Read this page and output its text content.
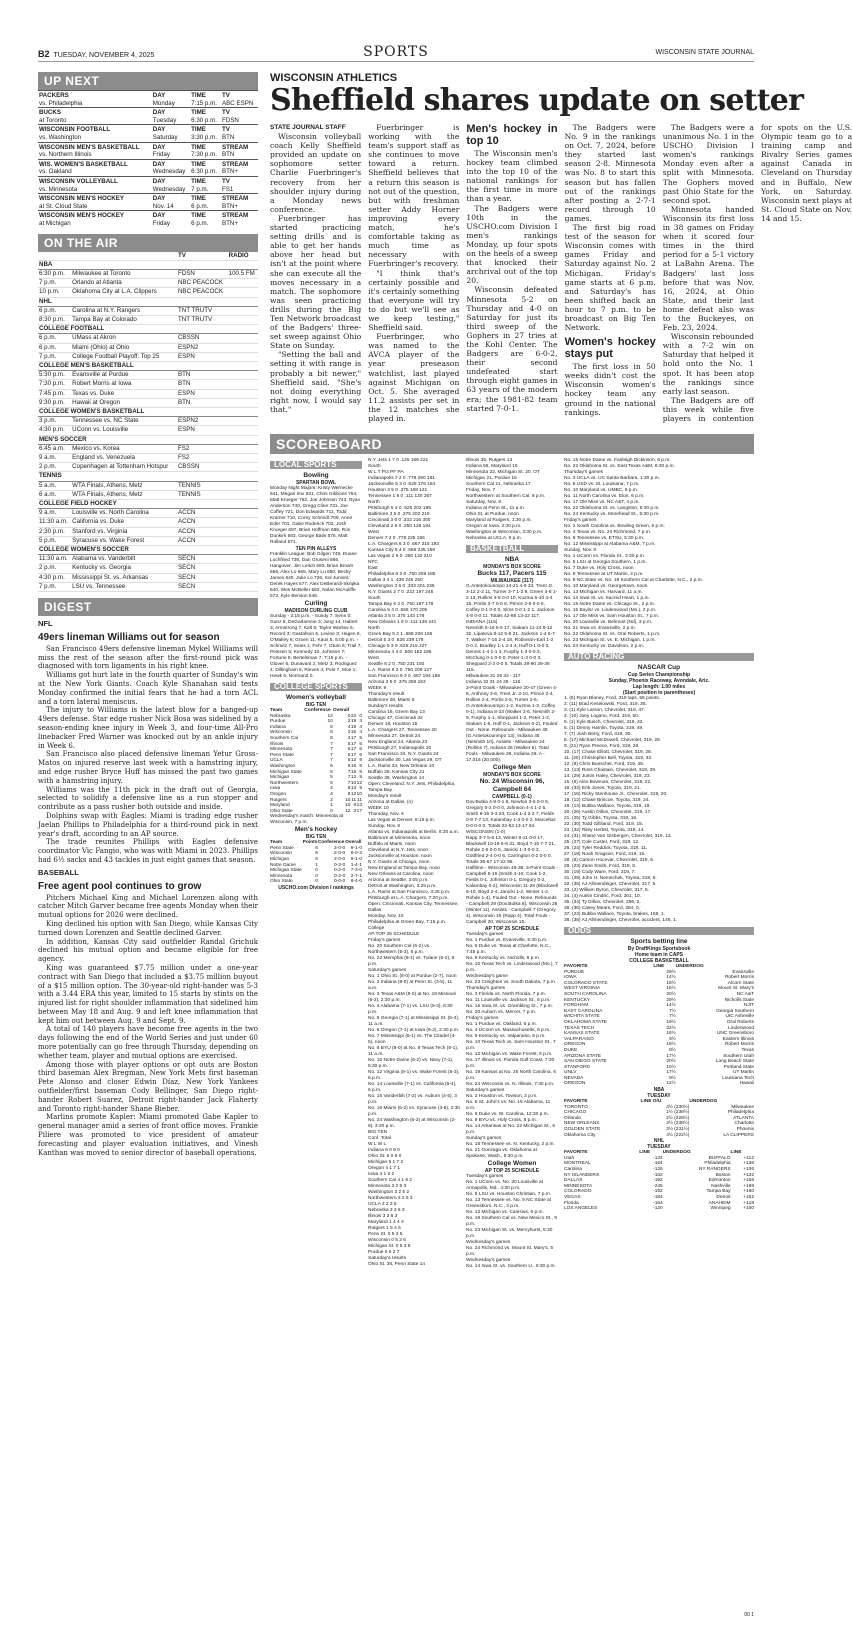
B2 TUESDAY, NOVEMBER 4, 2025	SPORTS	WISCONSIN STATE JOURNAL
UP NEXT
PACKERS	DAY	TIME	TV
vs. Philadelphia	Monday	7:15 p.m.	ABC ESPN
BUCKS	DAY	TIME	TV
at Toronto	Tuesday	6:30 p.m.	FDSN
WISCONSIN FOOTBALL	DAY	TIME	TV
vs. Washington	Saturday	3:30 p.m.	BTN
WISCONSIN MEN'S BASKETBALL	DAY	TIME	STREAM
vs. Northern Illinois	Friday	7:30 p.m.	BTN
WIS. WOMEN'S BASKETBALL	DAY	TIME	STREAM
vs. Oakland	Wednesday	6:30 p.m.	BTN+
WISCONSIN VOLLEYBALL	DAY	TIME	TV
vs. Minnesota	Wednesday	7 p.m.	FS1
WISCONSIN MEN'S HOCKEY	DAY	TIME	STREAM
at St. Cloud State	Nov. 14	6 p.m.	BTN+
WISCONSIN MEN'S HOCKEY	DAY	TIME	STREAM
at Michigan	Friday	6 p.m.	BTN+
ON THE AIR
		TV	RADIO
NBA			
6:30 p.m.	Milwaukee at Toronto	FDSN	100.5 FM
7 p.m.	Orlando at Atlanta	NBC PEACOCK	
10 p.m.	Oklahoma City at L.A. Clippers	NBC PEACOCK	
NHL			
6 p.m.	Carolina at N.Y. Rangers	TNT TRUTV	
8:30 p.m.	Tampa Bay at Colorado	TNT TRUTV	
COLLEGE FOOTBALL			
6 p.m.	UMass at Akron	CBSSN	
6 p.m.	Miami (Ohio) at Ohio	ESPN2	
7 p.m.	College Football Playoff: Top 25	ESPN	
COLLEGE MEN'S BASKETBALL			
5:30 p.m.	Evansville at Purdue	BTN	
7:30 p.m.	Robert Morris at Iowa	BTN	
7:45 p.m.	Texas vs. Duke	ESPN	
9:30 p.m.	Hawaii at Oregon	BTN	
COLLEGE WOMEN'S BASKETBALL			
3 p.m.	Tennessee vs. NC State	ESPN2	
4:30 p.m.	UConn vs. Louisville	ESPN	
MEN'S SOCCER			
6:45 a.m.	Mexico vs. Korea	FS2	
9 a.m.	England vs. Venezuela	FS2	
2 p.m.	Copenhagen at Tottenham Hotspur	CBSSN	
TENNIS			
5 a.m.	WTA Finals, Athens, Metz	TENNIS	
6 a.m.	WTA Finals, Athens, Metz	TENNIS	
COLLEGE FIELD HOCKEY			
9 a.m.	Louisville vs. North Carolina	ACCN	
11:30 a.m.	California vs. Duke	ACCN	
2:30 p.m.	Stanford vs. Virginia	ACCN	
5 p.m.	Syracuse vs. Wake Forest	ACCN	
COLLEGE WOMEN'S SOCCER			
11:30 a.m.	Alabama vs. Vanderbilt	SECN	
2 p.m.	Kentucky vs. Georgia	SECN	
4:30 p.m.	Mississippi St. vs. Arkansas	SECN	
7 p.m.	LSU vs. Tennessee	SECN	
DIGEST
NFL
49ers lineman Williams out for season

San Francisco 49ers defensive lineman Mykel Williams will miss the rest of the season after the first-round pick was diagnosed with torn ligaments in his right knee.

Williams got hurt late in the fourth quarter of Sunday's win at the New York Giants. Coach Kyle Shanahan said tests Monday confirmed the initial fears that he had a torn ACL and a torn lateral meniscus.

The injury to Williams is the latest blow for a banged-up 49ers defense. Star edge rusher Nick Bosa was sidelined by a season-ending knee injury in Week 3, and four-time All-Pro linebacker Fred Warner was knocked out by an ankle injury in Week 6.

San Francisco also placed defensive lineman Yetur Gross-Matos on injured reserve last week with a hamstring injury, and edge rusher Bryce Huff has missed the past two games with a hamstring injury.

Williams was the 11th pick in the draft out of Georgia, selected to solidify a defensive line as a run stopper and contribute as a pass rusher both outside and inside.

Dolphins swap with Eagles: Miami is trading edge rusher Jaelan Phillips to Philadelphia for a third-round pick in next year's draft, according to an AP source.

The trade reunites Phillips with Eagles defensive coordinator Vic Fangio, who was with Miami in 2023. Phillips had 6½ sacks and 43 tackles in just eight games that season.

BASEBALL
Free agent pool continues to grow

Pitchers Michael King and Michael Lorenzen along with catcher Mitch Garver became free agents Monday when their mutual options for 2026 were declined.

King declined his option with San Diego, while Kansas City turned down Lorenzen and Seattle declined Garver.

In addition, Kansas City said outfielder Randal Grichuk declined his mutual option and became eligible for free agency.

King was guaranteed $7.75 million under a one-year contract with San Diego that included a $3.75 million buyout of a $15 million option. The 30-year-old right-hander was 5-3 with a 3.44 ERA this year, limited to 15 starts by stints on the injured list for right shoulder inflammation that sidelined him between May 18 and Aug. 9 and left knee inflammation that kept him out between Aug. 9 and Sept. 9.

A total of 140 players have become free agents in the two days following the end of the World Series and just under 60 more potentially can go free through Thursday, depending on whether team, player and mutual options are exercised.

Among those with player options or opt outs are Boston third baseman Alex Bregman, New York Mets first baseman Pete Alonso and closer Edwin Díaz, New York Yankees outfielder/first baseman Cody Bellinger, San Diego right-hander Robert Suarez, Detroit right-hander Jack Flaherty and Toronto right-hander Shane Bieber.

Marlins promote Kapler: Miami promoted Gabe Kapler to general manager amid a series of front office moves. Frankie Piliere was promoted to vice president of amateur forecasting and player evaluation initiatives, and Vinesh Kanthan was moved to senior director of baseball operations.

WISCONSIN ATHLETICS
Sheffield shares update on setter
STATE JOURNAL STAFF

Wisconsin volleyball coach Kelly Sheffield provided an update on sophomore setter Charlie Fuerbringer's recovery from her shoulder injury during a Monday news conference.

Fuerbringer has started practicing setting drills and is able to get her hands above her head but isn't at the point where she can execute all the moves necessary in a match. The sophomore was seen practicing drills during the Big Ten Network broadcast of the Badgers' three-set sweep against Ohio State on Sunday.

"Setting the ball and setting it with range is probably a bit newer," Sheffield said. "She's not doing everything right now, I would say that."

Fuerbringer is working with the team's support staff as she continues to move toward a return. Sheffield believes that a return this season is not out of the question, but with freshman setter Addy Horner improving every match, he's comfortable taking as much time as necessary with Fuerbringer's recovery.

"I think that's certainly possible and it's certainly something that everyone will try to do but we'll see as we keep testing," Sheffield said.

Fuerbringer, who was named to the AVCA player of the year preseason watchlist, last played against Michigan on Oct. 5. She averaged 11.2 assists per set in the 12 matches she played in.

Men's hockey in top 10

The Wisconsin men's hockey team climbed into the top 10 of the national rankings for the first time in more than a year.

The Badgers were 10th in the USCHO.com Division I men's rankings Monday, up four spots on the heels of a sweep that knocked their archrival out of the top 20.

Wisconsin defeated Minnesota 5-2 on Thursday and 4-0 on Saturday for just its third sweep of the Gophers in 27 tries at the Kohl Center. The Badgers are 6-0-2, their second undefeated start through eight games in 63 years of the modern era; the 1981-82 team started 7-0-1.

The Badgers were No. 9 in the rankings on Oct. 7, 2024, before they started last season 2-8. Minnesota was No. 8 to start this season but has fallen out of the rankings after posting a 2-7-1 record through 10 games.

The first big road test of the season for Wisconsin comes with games Friday and Saturday against No. 2 Michigan. Friday's game starts at 6 p.m. and Saturday's has been shifted back an hour to 7 p.m. to be broadcast on Big Ten Network.

Women's hockey stays put

The first loss in 50 weeks didn't cost the Wisconsin women's hockey team any ground in the national rankings.

The Badgers were a unanimous No. 1 in the USCHO Division I women's rankings Monday even after a split with Minnesota. The Gophers moved past Ohio State for the second spot.

Minnesota handed Wisconsin its first loss in 38 games on Friday when it scored four times in the third period for a 5-1 victory at LaBahn Arena. The Badgers' last loss before that was Nov. 16, 2024, at Ohio State, and their last home defeat also was to the Buckeyes, on Feb. 23, 2024.

Wisconsin rebounded with a 7-2 win on Saturday that helped it hold onto the No. 1 spot. It has been atop the rankings since early last season.

The Badgers are off this week while five players in contention for spots on the U.S. Olympic team go to a training camp and Rivalry Series games against Canada in Cleveland on Thursday and in Buffalo, New York, on Saturday. Wisconsin next plays at St. Cloud State on Nov. 14 and 15.

SCOREBOARD
LOCAL SPORTS
Bowling
SPARTAN BOWL
Monday Night Majors: Kristy Wernecke 641, Megan Imx 631, Chris Gibbons 764, Matt Krueger 762, Joe Johnson 743, Ryan Anderson 740, Gregg Cline 731, Joe Coffey 721, Don Edwards 711, Todd Kramer 710, Corey Schmidt 709, Anne Eder 701, Gabe Roderick 703, Josh Krueger 697, Brian Hoffman 688, Ron Dunkirk 683, George Batis 675, Matt Rolland 671.
TEN PIN ALLEYS
Franklin League: Bob Gilgen 749, Duane Lochfried 738, Dan Gruseni 666. Hangover: Jim Leitch 693, Brian Brown 656, Alex Lo 655, Mary Lu 650, Becky James 640, Julie Lo 736, Sol Juniors: Derek Hayes 677, Alex DeBerardi-Skripka 640, Wes McBeller 582, Nolan McAuliffe 573, Kyle Benson 546.
Curling
MADISON CURLING CLUB
Sunday - 2:15 p.m. - Sundy 7, Senn 0; Gunz 8, DeGarlamme 3; Jung 14, Habert 3; Armstrong 7, Kalt 6; Taylor Warlow 6, Record 3; Gastafson 6, Levine 3; Hagen 8, O'Malley 6; Groen 11, Kaus 5. 5:00 p.m. - Schmitz 7, Seies 1; Fehr 7, Otum 6; Trail 7, Peissen 5; Kennedy 10, Johnson 7; Fortune 8, Bertelsman 7. 7:15 p.m. - Glover 5, Dunavant 2; Metz 3, Rodriguez 4; Dillingham 6, Rieves 4; Post 7, Moe 1; Hewk 6, Normand 0.
COLLEGE SPORTS
Women's volleyball
BIG TEN
Team	Conference	Overall		
Nebraska	12	0	22	0
Purdue	10	2	19	3
Indiana	8	4	18	4
Wisconsin	8	3	16	4
Southern Cal	8	4	17	5
Illinois	7	5	17	6
Minnesota	7	5	17	6
Penn State	7	5	17	6
UCLA	7	5	13	9
Washington	6	6	16	6
Michigan State	5	7	15	8
Michigan	5	7	12	9
Northwestern	5	7	10	12
Iowa	4	8	13	9
Oregon	4	8	12	10
Rutgers	2	10	11	11
Maryland	1	10	8	13
Ohio State	0	12	3	17
Wednesday's match: Minnesota at Wisconsin, 7 p.m.
Men's hockey
BIG TEN
Team	Points	Conference	Overall
Penn State	6	2-0-0	9-1-0
Wisconsin	6	2-0-0	6-0-2
Michigan	6	2-0-0	9-1-0
Notre Dame	1	0-2-0	1-4-1
Michigan State	0	0-2-0	7-3-0
Minnesota	0	0-2-0	2-7-1
Ohio State	0	0-0-0	6-4-0
USCHO.com Division I rankings
N.Y. Jets 1 7 0 .125 168 221
South
W L T Pct PF PA
Indianapolis 7 2 0 .778 290 181
Jacksonville 5 3 0 .625 176 184
Houston 3 5 0 .375 168 121
Tennessee 1 8 0 .111 130 257
North
Pittsburgh 5 3 0 .625 202 195
Baltimore 3 5 0 .375 202 219
Cincinnati 3 6 0 .333 216 300
Cleveland 2 6 0 .250 126 184
West
Denver 7 2 0 .778 225 166
L.A. Chargers 6 3 0 .667 215 193
Kansas City 5 4 0 .556 235 159
Las Vegas 2 6 0 .250 132 210
NFC
East
Philadelphia 6 2 0 .750 208 185
Dallas 3 4 1 .438 246 250
Washington 3 6 0 .333 201 236
N.Y. Giants 2 7 0 .222 197 245
South
Tampa Bay 6 2 0 .750 197 178
Carolina 5 4 0 .556 170 205
Atlanta 3 5 0 .375 143 178
New Orleans 1 8 0 .111 138 241
North
Green Bay 5 2 1 .688 206 166
Detroit 5 3 0 .625 239 178
Chicago 5 3 0 .625 215 227
Minnesota 4 4 0 .500 182 186
West
Seattle 6 2 0 .750 231 150
L.A. Rams 6 2 0 .750 209 127
San Francisco 6 3 0 .667 194 188
Arizona 3 5 0 .375 286 153
WEEK 9
Thursday's result
Baltimore 28, Miami 6
Sunday's results
Carolina 16, Green Bay 13
Chicago 47, Cincinnati 42
Denver 18, Houston 15
L.A. Chargers 27, Tennessee 20
Minnesota 27, Detroit 24
New England 24, Atlanta 23
Pittsburgh 27, Indianapolis 20
San Francisco 34, N.Y. Giants 24
Jacksonville 30, Las Vegas 29, OT
L.A. Rams 34, New Orleans 10
Buffalo 28, Kansas City 21
Seattle 38, Washington 14
Open: Cleveland, N.Y. Jets, Philadelphia, Tampa Bay
Monday's result
Arizona at Dallas, (n)
WEEK 10
Thursday, Nov. 6
Las Vegas at Denver, 8:15 p.m.
Sunday, Nov. 9
Atlanta vs. Indianapolis at Berlin, 8:30 a.m.
Baltimore at Minnesota, noon
Buffalo at Miami, noon
Cleveland at N.Y. Jets, noon
Jacksonville at Houston, noon
N.Y. Giants at Chicago, noon
New England at Tampa Bay, noon
New Orleans at Carolina, noon
Arizona at Seattle, 3:05 p.m.
Detroit at Washington, 3:25 p.m.
L.A. Rams at San Francisco, 3:25 p.m.
Pittsburgh at L.A. Chargers, 7:20 p.m.
Open: Cincinnati, Kansas City, Tennessee, Dallas
Monday, Nov. 10
Philadelphia at Green Bay, 7:15 p.m.
College
AP TOP 25 SCHEDULE
Friday's games
No. 20 Southern Cal (6-2) vs. Northwestern (5-3), 8 p.m.
No. 22 Memphis (8-1) vs. Tulane (6-2), 8 p.m.
Saturday's games
No. 1 Ohio St. (8-0) at Purdue (2-7), noon
No. 2 Indiana (9-0) at Penn St. (3-5), 11 a.m.
No. 3 Texas A&M (8-0) at No. 19 Missouri (6-2), 2:30 p.m.
No. 4 Alabama (7-1) vs. LSU (5-3), 6:30 p.m.
No. 5 Georgia (7-1) at Mississippi St. (5-4), 11 a.m.
No. 6 Oregon (7-1) at Iowa (6-2), 2:30 p.m.
No. 7 Mississippi (8-1) vs. The Citadel (4-5), noon
No. 8 BYU (8-0) at No. 9 Texas Tech (8-1), 11 a.m.
No. 10 Notre Dame (6-2) vs. Navy (7-1), 6:30 p.m.
No. 12 Virginia (8-1) vs. Wake Forest (5-3), 6 p.m.
No. 14 Louisville (7-1) vs. California (5-4), 6 p.m.
No. 15 Vanderbilt (7-2) vs. Auburn (4-5), 3 p.m.
No. 18 Miami (6-2) vs. Syracuse (3-6), 2:30 p.m.
No. 24 Washington (6-2) at Wisconsin (2-6), 3:30 p.m.
BIG TEN
Conf. Total
W L W L
Indiana 6 0 9 0
Ohio St. 5 0 8 0
Michigan 5 1 7 2
Oregon 4 1 7 1
Iowa 4 1 6 2
Southern Cal 4 1 6 2
Minnesota 3 2 5 3
Washington 3 2 6 2
Northwestern 3 2 5 3
UCLA 3 2 3 5
Nebraska 3 3 6 3
Illinois 3 3 6 3
Maryland 1 4 4 4
Rutgers 1 5 4 5
Penn St. 0 5 3 5
Wisconsin 0 5 2 6
Michigan St. 0 5 3 5
Purdue 0 6 2 7
Saturday's results
Ohio St. 38, Penn State 14
Illinois 35, Rutgers 13
Indiana 55, Maryland 10
Minnesota 23, Michigan St. 20, OT
Michigan 21, Purdue 16
Southern Cal 21, Nebraska 17
Friday, Nov. 7
Northwestern at Southern Cal, 8 p.m.
Saturday, Nov. 8
Indiana at Penn St., 11 a.m.
Ohio St. at Purdue, noon
Maryland at Rutgers, 1:30 p.m.
Oregon at Iowa, 2:30 p.m.
Washington at Wisconsin, 3:30 p.m.
Nebraska at UCLA, 6 p.m.
BASKETBALL
NBA
MONDAY'S BOX SCORE
Bucks 117, Pacers 115
MILWAUKEE (117)
G.Antetokounmpo 14-21 4-9 33, Trent Jr. 3-12 2-2 11, Turner 3-7 1-2 9, Green 4-8 1-2 13, Rollins 4-8 0-0 10, Kuzma 5-10 4-4 15, Portis 3-7 0-0 8, Prince 2-6 0-0 6, Coffey 0-1 0-0 0, Sims 0-0 1-2 1, Jackson 4-8 0-0 11. Totals 42-88 13-22 117.
INDIANA (115)
Nesmith 5-16 5-5 17, Siakam 11-24 9-12 32, Lipatova 8-12 5-6 21, Jackson 1-4 5-7 7, Walker 7-15 2-4 18, Robinson-Earl 1-2 0-0 2, Bradley 1-1 2-4 4, Huff 0-1 0-0 0, Dennis 1-4 1-1 3, Furphy 1-3 0-0 3, McClung 0-1 0-0 0, Peter 1-3 0-0 3, Sheppard 2-3 0-0 5. Totals 39-90 29-38 115.
Milwaukee 31 28 33 - 117
Indiana 32 31 24 28 - 115
3-Point Goals - Milwaukee 20-47 (Green 4-8, Anthony 3-6, Trent Jr. 3-10, Prince 2-4, Rollins 2-4, Portis 2-5, Turner 2-6, G.Antetokounmpo 1-2, Kuzma 1-3, Coffey 0-1), Indiana 8-33 (Walker 2-6, Nesmith 2-9, Furphy 1-1, Sheppard 1-2, Peter 1-3, Siakam 1-6, Huff 0-1, Jackson 0-2). Fouled Out - None. Rebounds - Milwaukee 45 (G.Antetokounmpo 13), Indiana 45 (Nesmith 10). Assists - Milwaukee 24 (Rollins 7), Indiana 26 (Walker 6). Total Fouls - Milwaukee 26, Indiana 26. A - 17,016 (20,000).
College Men
MONDAY'S BOX SCORE
No. 24 Wisconsin 96, Campbell 64
CAMPBELL (0-1)
Dov.Butka 4-8 0-1 8, Newton 3-6 0-0 6, Gregory 0-2 0-0 0, Johnson 4-4 1-2 5, Smith 8-15 3-3 23, Cook 1-4 2-2 7, Fields 0-9 7-7 13, Kalambay 1-3 0-0 2, Marcellus 0-0 0-0 0. Totals 23-53 13-17 64.
WISCONSIN (1-0)
Rapp 3-7 5-6 13, Winter 8-11 0-0 17, Blackwell 10-19 5-6 31, Boyd 7-15 7-7 21, Rohde 2-5 0-0 5, Janicki 1-3 0-0 3, Gottfried 2-4 0-0 6, Carrington 0-2 0-0 0. Totals 35-67 17-22 96.
Halftime - Wisconsin 48-38. 3-Point Goals - Campbell 5-19 (Smith 4-10, Cook 1-2, Fields 0-1, Johnson 0-1, Gregory 0-2, Kalambay 0-2), Wisconsin 11-28 (Blackwell 6-10, Boyd 2-4, Janicki 1-2, Winter 1-2, Rohde 1-4). Fouled Out - None. Rebounds - Campbell 29 (Dov.Butka 8), Wisconsin 28 (Winter 11). Assists - Campbell 7 (Gregory 4), Wisconsin 19 (Rapp 4). Total Fouls - Campbell 20, Wisconsin 15.
AP TOP 25 SCHEDULE
Tuesday's games
No. 1 Purdue vs. Evansville, 5:30 p.m.
No. 6 Duke vs. Texas at Charlotte, N.C., 7:45 p.m.
No. 9 Kentucky vs. Nicholls, 6 p.m.
No. 10 Texas Tech vs. Lindenwood (Mo.), 7 p.m.
Wednesday's game
No. 23 Creighton vs. South Dakota, 7 p.m.
Thursday's games
No. 3 Florida vs. North Florida, 7 p.m.
No. 11 Louisville vs. Jackson St., 6 p.m.
No. 16 Iowa St. vs. Grambling St., 7 p.m.
No. 20 Auburn vs. Mercer, 7 p.m.
Friday's games
No. 1 Purdue vs. Oakland, 6 p.m.
No. 4 UConn vs. Massachusetts, 6 p.m.
No. 9 Kentucky vs. Valparaiso, 6 p.m.
No. 10 Texas Tech vs. Sam Houston St., 7 p.m.
No. 12 Michigan vs. Wake Forest, 5 p.m.
No. 17 Illinois vs. Florida Gulf Coast, 7:30 p.m.
No. 19 Kansas at No. 25 North Carolina, 6 p.m.
No. 24 Wisconsin vs. N. Illinois, 7:30 p.m.
Saturday's games
No. 2 Houston vs. Towson, 2 p.m.
No. 5 St. John's vs. No. 15 Alabama, 11 a.m.
No. 6 Duke vs. W. Carolina, 12:30 p.m.
No. 8 BYU vs. Holy Cross, 8 p.m.
No. 14 Arkansas at No. 22 Michigan St., 6 p.m.
Sunday's games
No. 18 Tennessee vs. N. Kentucky, 2 p.m.
No. 21 Gonzaga vs. Oklahoma at Spokane, Wash., 9:30 p.m.
College Women
AP TOP 25 SCHEDULE
Tuesday's games
No. 1 UConn vs. No. 20 Louisville at Annapolis, Md., 4:30 p.m.
No. 5 LSU vs. Houston Christian, 7 p.m.
No. 13 Tennessee vs. No. 9 NC State at Greensboro, N.C., 3 p.m.
No. 13 Michigan vs. Canisius, 6 p.m.
No. 18 Southern Cal vs. New Mexico St., 9 p.m.
No. 23 Michigan St. vs. Mercyhurst, 5:30 p.m.
Wednesday's games
No. 24 Richmond vs. Mount St. Mary's, 5 p.m.
Wednesday's games
No. 14 Iowa St. vs. Southern U., 6:30 p.m.
No. 15 Notre Dame vs. Fairleigh Dickinson, 6 p.m.
No. 22 Oklahoma St. vs. East Texas A&M, 6:30 p.m.
Thursday's games
No. 3 UCLA vs. UC Santa Barbara, 1:30 p.m.
No. 6 USD vs. St. Louisiana, 7 p.m.
No. 10 Maryland vs. UMBC, 5 p.m.
No. 11 North Carolina vs. Elon, 6 p.m.
No. 17 Ole Miss vs. NC A&T, 4 p.m.
No. 22 Oklahoma St. vs. Langston, 6:30 p.m.
No. 24 Kentucky vs. Morehead St., 5:30 p.m.
Friday's games
No. 2 South Carolina vs. Bowling Green, 6 p.m.
No. 4 Texas vs. No. 24 Richmond, 7 p.m.
No. 8 Tennessee vs. ETSU, 5:30 p.m.
No. 12 Mississippi at Alabama A&M, 7 p.m.
Sunday, Nov. 9
No. 1 UConn vs. Florida St., 3:30 p.m.
No. 5 LSU at Georgia Southern, 1 p.m.
No. 7 Duke vs. Holy Cross, noon
No. 8 Tennessee at UT Martin, 2 p.m.
No. 9 NC State vs. No. 18 Southern Cal at Charlotte, N.C., 2 p.m.
No. 10 Maryland vs. Georgetown, noon
No. 13 Michigan vs. Harvard, 11 a.m.
No. 14 Iowa St. vs. Sacred Heart, 1 p.m.
No. 15 Notre Dame vs. Chicago St., 2 p.m.
No. 16 Baylor vs. Lindenwood (Mo.), 2 p.m.
No. 17 Ole Miss vs. Sam Houston St., 7 p.m.
No. 20 Louisville vs. Belmont (Nd), 3 p.m.
No. 21 Iowa vs. Evansville, 2 p.m.
No. 22 Oklahoma St. vs. Oral Roberts, 1 p.m.
No. 23 Michigan St. vs. E. Michigan, 1 p.m.
No. 24 Kentucky vs. Davidson, 2 p.m.
AUTO RACING
NASCAR Cup
Cup Series Championship
Sunday, Phoenix Raceway, Avondale, Ariz.
Lap length: 1.00 miles
(Start position in parentheses)
1. (5) Ryan Blaney, Ford, 319 laps, 58 points.
2. (11) Brad Keselowski, Ford, 319, 35.
3. (1) Kyle Larson, Chevrolet, 319, 47.
4. (10) Joey Logano, Ford, 319, 50.
5. (1) Kyle Busch, Chevrolet, 319, 32.
6. (1) Denny Hamlin, Toyota, 319, 49.
7. (7) Josh Berry, Ford, 319, 30.
8. (17) Michael McDowell, Chevrolet, 319, 29.
9. (21) Ryan Preece, Ford, 319, 28.
10. (17) Chase Elliott, Chevrolet, 319, 28.
11. (20) Christopher Bell, Toyota, 319, 32.
12. (9) Chris Buescher, Ford, 319, 25.
13. (13) Ross Chastain, Chevrolet, 319, 29.
14. (29) Justin Haley, Chevrolet, 319, 23.
15. (6) Alex Bowman, Chevrolet, 319, 22.
16. (33) Erik Jones, Toyota, 319, 21.
17. (16) Ricky Stenhouse Jr., Chevrolet, 319, 20.
18. (12) Chase Briscoe, Toyota, 319, 24.
19. (14) Bubba Wallace, Toyota, 319, 18.
20. (26) Austin Dillon, Chevrolet, 319, 17.
21. (25) Ty Gibbs, Toyota, 319, 16.
22. (30) Todd Gilliland, Ford, 319, 15.
23. (32) Riley Herbst, Toyota, 319, 14.
24. (31) Shane Van Gisbergen, Chevrolet, 319, 13.
25. (27) Cole Custer, Ford, 319, 12.
26. (24) Tyler Reddick, Toyota, 319, 11.
27. (18) Noah Gragson, Ford, 319, 10.
28. (8) Carson Hocevar, Chevrolet, 319, 9.
29. (23) Zane Smith, Ford, 319, 8.
30. (19) Cody Ware, Ford, 319, 7.
31. (28) John H. Nemechek, Toyota, 319, 6.
32. (35) AJ Allmendinger, Chevrolet, 317, 5.
33. (2) William Byron, Chevrolet, 317, 5.
34. (4) Austin Cindric, Ford, 301, 10.
35. (34) Ty Dillon, Chevrolet, 296, 2.
36. (36) Casey Mears, Ford, 284, 0.
37. (23) Bubba Wallace, Toyota, brakes, 165, 1.
38. (38) AJ Allmendinger, Chevrolet, accident, 146, 1.
ODDS
Sports betting line
By DraftKings Sportsbook
Home team in CAPS
COLLEGE BASKETBALL
FAVORITE	LINE	UNDERDOG
PURDUE	29½	Evansville
IOWA	14½	Robert Morris
COLORADO STATE	18½	Alcorn State
WEST VIRGINIA	16½	Mount St. Mary's
SOUTH CAROLINA	20½	NC A&T
KENTUCKY	29½	Nicholls State
FORDHAM	14½	NJIT
EAST CAROLINA	7½	Georgia Southern
WICHITA STATE	7½	UIC Asheville
OKLAHOMA STATE	19½	Oral Roberts
TEXAS TECH	32½	Lindenwood
KANSAS STATE	16½	UNC Greensboro
VALPARAISO	6½	Eastern Illinois
OREGON	18½	Robert Morris
DUKE	8½	Texas
ARIZONA STATE	17½	Southern Utah
SAN DIEGO STATE	20½	Long Beach State
STANFORD	10½	Portland State
UNLV	17½	UT Martin
NEVADA	9½	Louisiana Tech
OREGON	12½	Hawaii
NBA
TUESDAY
FAVORITE	LINE O/U	UNDERDOG
TORONTO	3½ (230½)	Milwaukee
CHICAGO	1½ (238½)	Philadelphia
Orlando	2½ (228½)	ATLANTA
NEW ORLEANS	2½ (238½)	Charlotte
GOLDEN STATE	3½ (231½)	Phoenix
Oklahoma City	4½ (222½)	LA CLIPPERS
NHL
TUESDAY
FAVORITE	LINE	UNDERDOG	LINE
Utah	-134	BUFFALO	+112
MONTREAL	-164	Philadelphia	+136
Carolina	-126	NY RANGERS	+106
NY ISLANDERS	-162	Boston	+132
DALLAS	-192	Edmonton	+158
MINNESOTA	-245	Nashville	+198
COLORADO	-192	Tampa Bay	+160
VEGAS	-184	Detroit	+152
Florida	-164	ANAHEIM	+118
LOS ANGELES	-120	Winnipeg	+100
00 1
